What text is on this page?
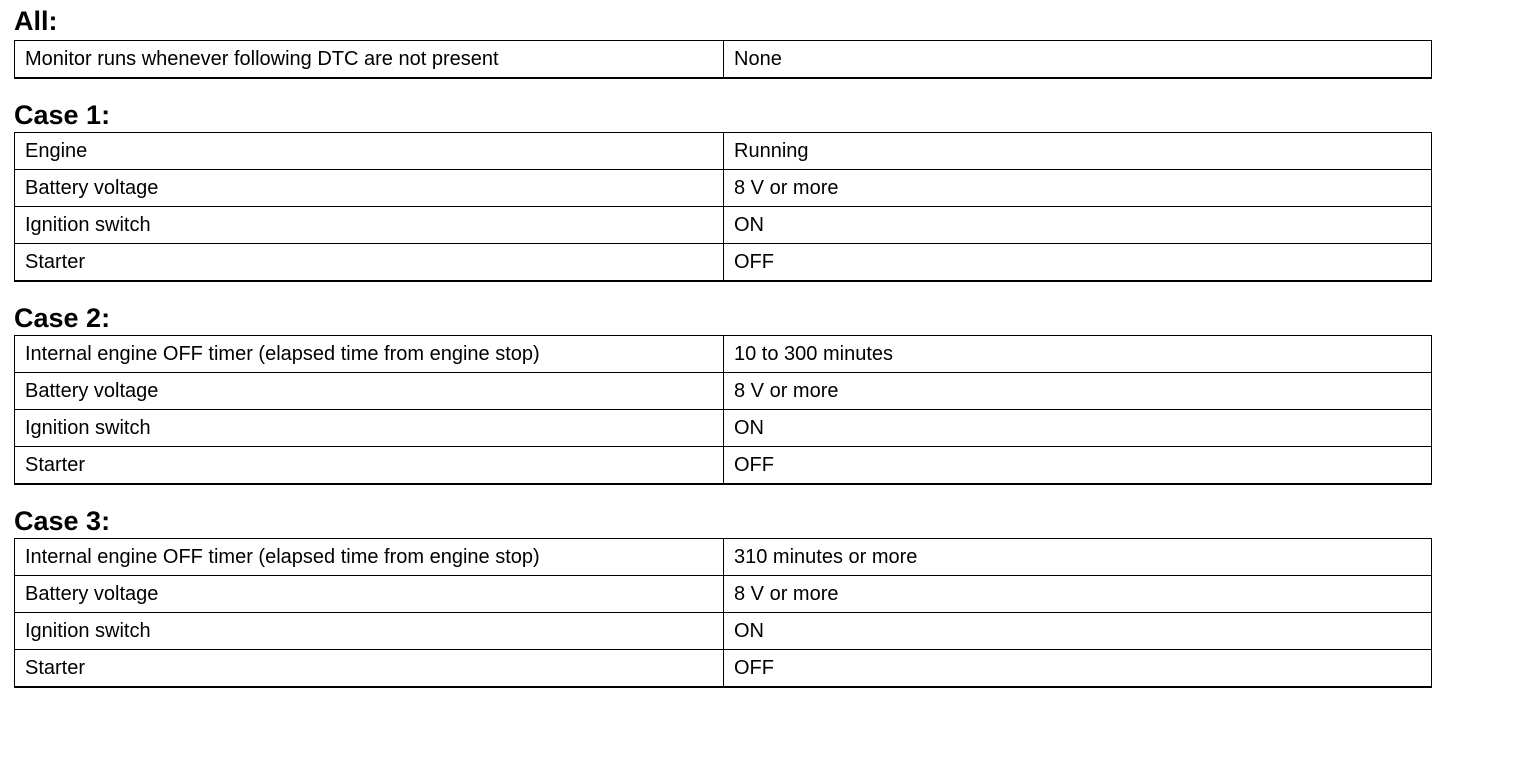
All:
Monitor runs whenever following DTC are not present	None
Case 1:
Engine	Running
Battery voltage	8 V or more
Ignition switch	ON
Starter	OFF
Case 2:
Internal engine OFF timer (elapsed time from engine stop)	10 to 300 minutes
Battery voltage	8 V or more
Ignition switch	ON
Starter	OFF
Case 3:
Internal engine OFF timer (elapsed time from engine stop)	310 minutes or more
Battery voltage	8 V or more
Ignition switch	ON
Starter	OFF
